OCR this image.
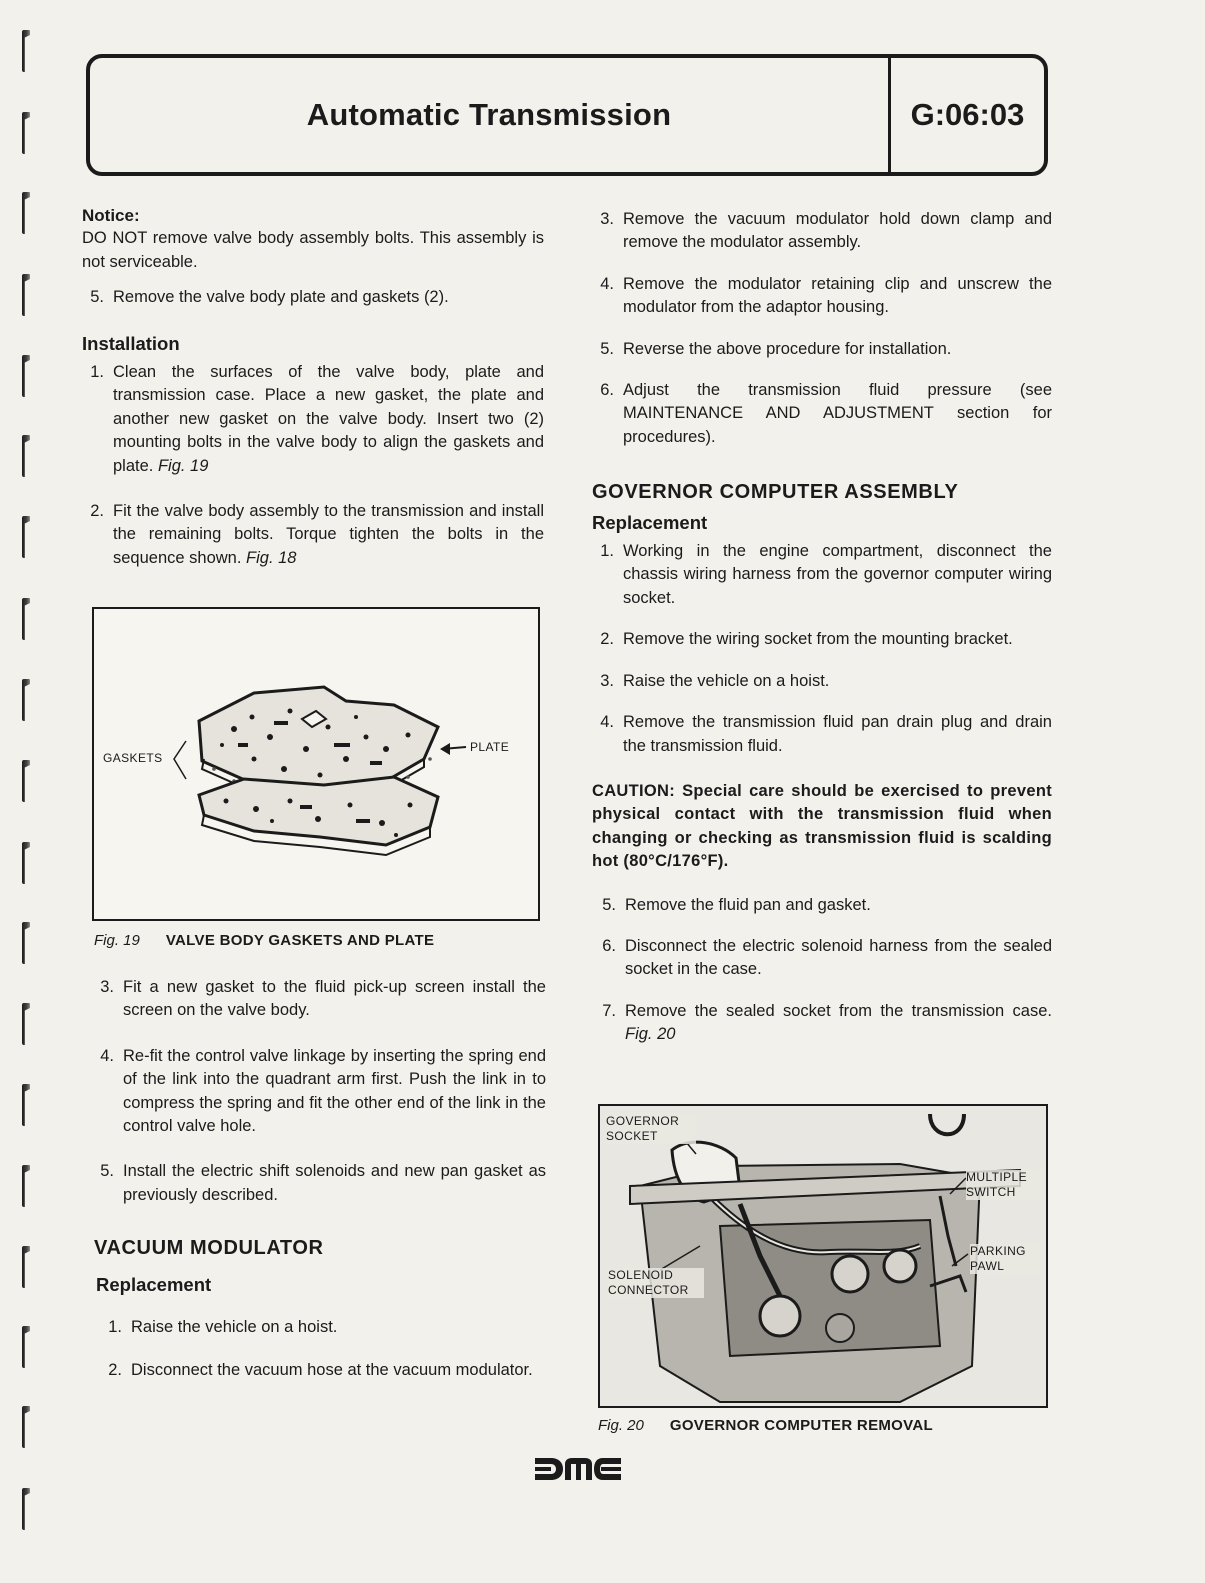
Automatic Transmission	G:06:03
Notice:
DO NOT remove valve body assembly bolts. This assembly is not serviceable.
5. Remove the valve body plate and gaskets (2).
Installation
1. Clean the surfaces of the valve body, plate and transmission case. Place a new gasket, the plate and another new gasket on the valve body. Insert two (2) mounting bolts in the valve body to align the gaskets and plate. Fig. 19
2. Fit the valve body assembly to the transmission and install the remaining bolts. Torque tighten the bolts in the sequence shown. Fig. 18
GASKETS
PLATE
Fig. 19 VALVE BODY GASKETS AND PLATE
3. Fit a new gasket to the fluid pick-up screen install the screen on the valve body.
4. Re-fit the control valve linkage by inserting the spring end of the link into the quadrant arm first. Push the link in to compress the spring and fit the other end of the link in the control valve hole.
5. Install the electric shift solenoids and new pan gasket as previously described.
VACUUM MODULATOR
Replacement
1. Raise the vehicle on a hoist.
2. Disconnect the vacuum hose at the vacuum modulator.
3. Remove the vacuum modulator hold down clamp and remove the modulator assembly.
4. Remove the modulator retaining clip and unscrew the modulator from the adaptor housing.
5. Reverse the above procedure for installation.
6. Adjust the transmission fluid pressure (see MAINTENANCE AND ADJUSTMENT section for procedures).
GOVERNOR COMPUTER ASSEMBLY
Replacement
1. Working in the engine compartment, disconnect the chassis wiring harness from the governor computer wiring socket.
2. Remove the wiring socket from the mounting bracket.
3. Raise the vehicle on a hoist.
4. Remove the transmission fluid pan drain plug and drain the transmission fluid.
CAUTION: Special care should be exercised to prevent physical contact with the transmission fluid when changing or checking as transmission fluid is scalding hot (80°C/176°F).
5. Remove the fluid pan and gasket.
6. Disconnect the electric solenoid harness from the sealed socket in the case.
7. Remove the sealed socket from the transmission case. Fig. 20
GOVERNOR SOCKET
MULTIPLE SWITCH
PARKING PAWL
SOLENOID CONNECTOR
Fig. 20 GOVERNOR COMPUTER REMOVAL
